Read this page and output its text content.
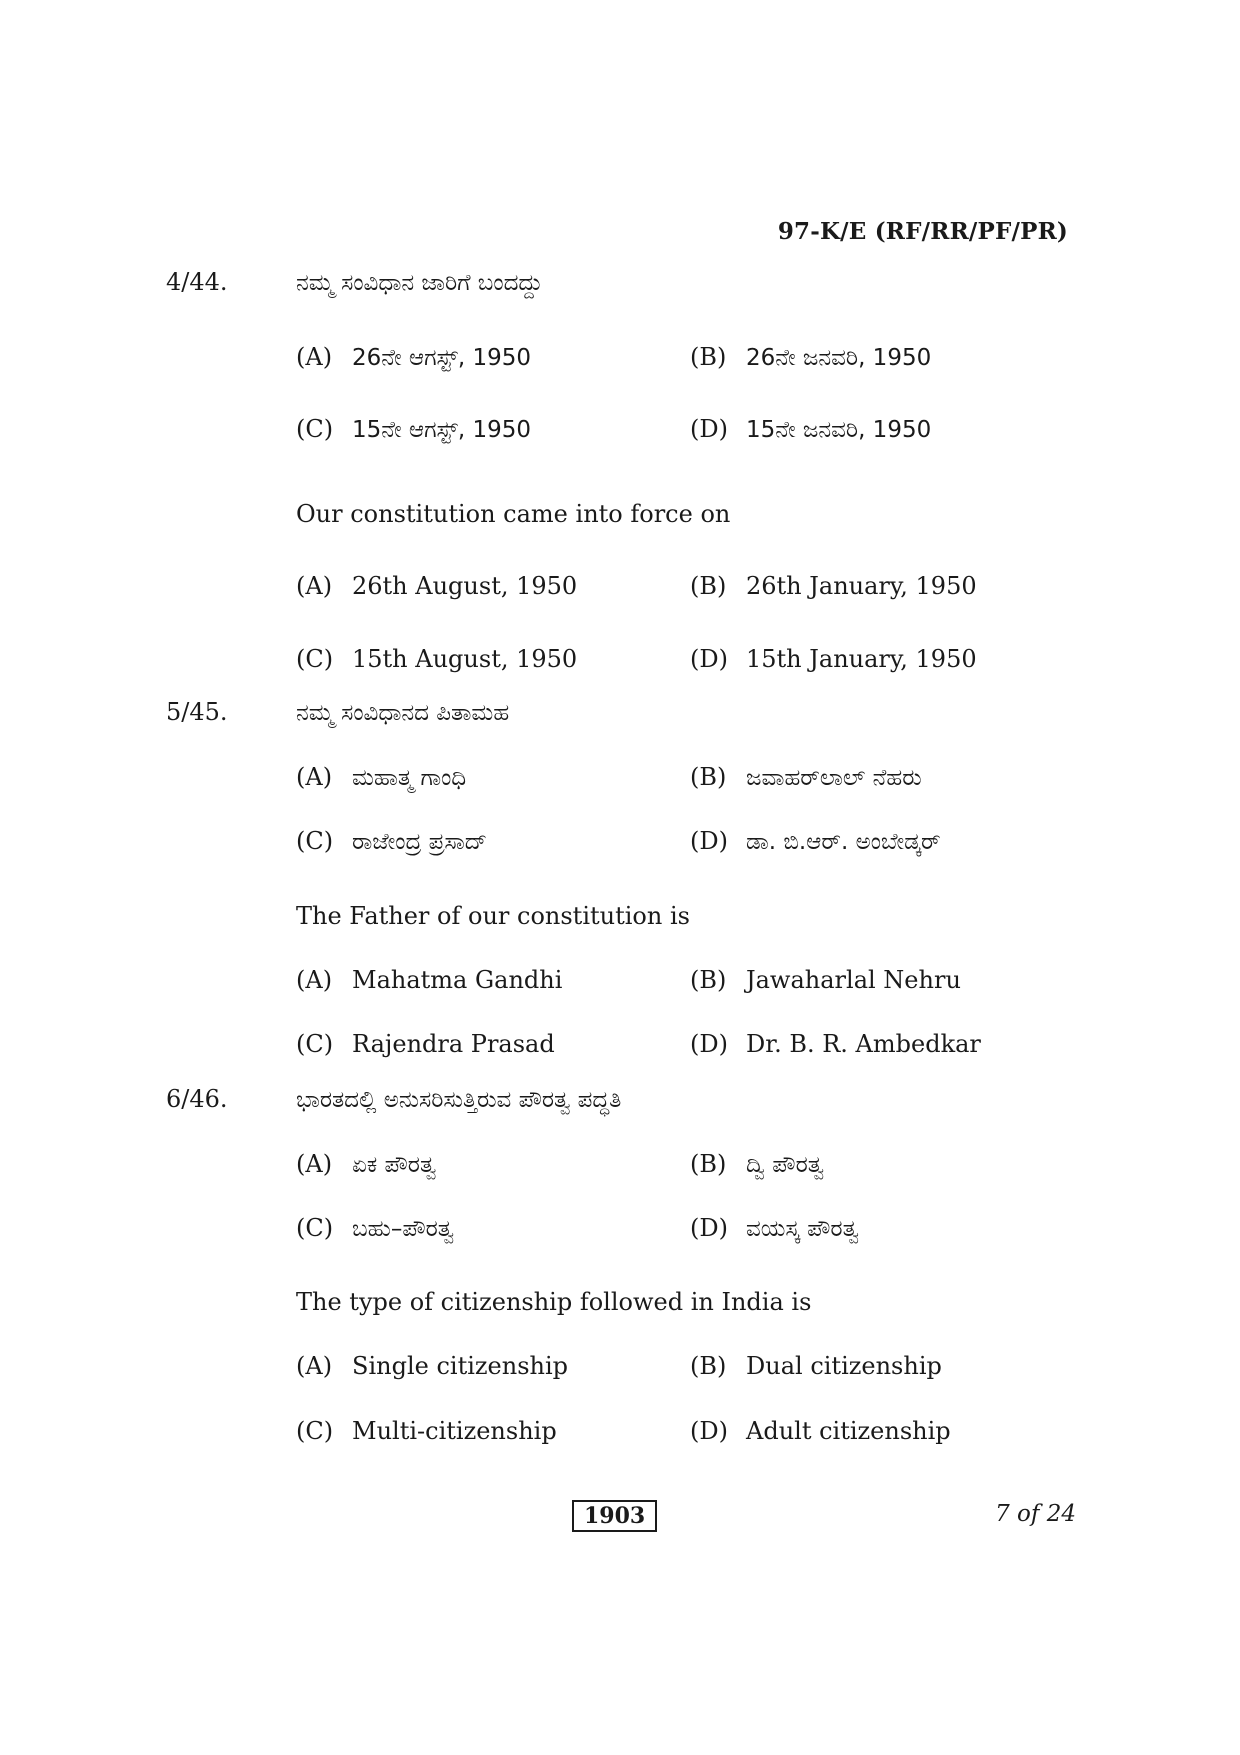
97-K/E (RF/RR/PF/PR)
4/44.	ನಮ್ಮ ಸಂವಿಧಾನ ಜಾರಿಗೆ ಬಂದದ್ದು
(A) 26ನೇ ಆಗಸ್ಟ್, 1950	(B) 26ನೇ ಜನವರಿ, 1950
(C) 15ನೇ ಆಗಸ್ಟ್, 1950	(D) 15ನೇ ಜನವರಿ, 1950
Our constitution came into force on
(A) 26th August, 1950	(B) 26th January, 1950
(C) 15th August, 1950	(D) 15th January, 1950
5/45.	ನಮ್ಮ ಸಂವಿಧಾನದ ಪಿತಾಮಹ
(A) ಮಹಾತ್ಮ ಗಾಂಧಿ	(B) ಜವಾಹರ್‌ಲಾಲ್ ನೆಹರು
(C) ರಾಜೇಂದ್ರ ಪ್ರಸಾದ್	(D) ಡಾ. ಬಿ.ಆರ್. ಅಂಬೇಡ್ಕರ್
The Father of our constitution is
(A) Mahatma Gandhi	(B) Jawaharlal Nehru
(C) Rajendra Prasad	(D) Dr. B. R. Ambedkar
6/46.	ಭಾರತದಲ್ಲಿ ಅನುಸರಿಸುತ್ತಿರುವ ಪೌರತ್ವ ಪದ್ಧತಿ
(A) ಏಕ ಪೌರತ್ವ	(B) ದ್ವಿ ಪೌರತ್ವ
(C) ಬಹು–ಪೌರತ್ವ	(D) ವಯಸ್ಕ ಪೌರತ್ವ
The type of citizenship followed in India is
(A) Single citizenship	(B) Dual citizenship
(C) Multi-citizenship	(D) Adult citizenship
1903	7 of 24
